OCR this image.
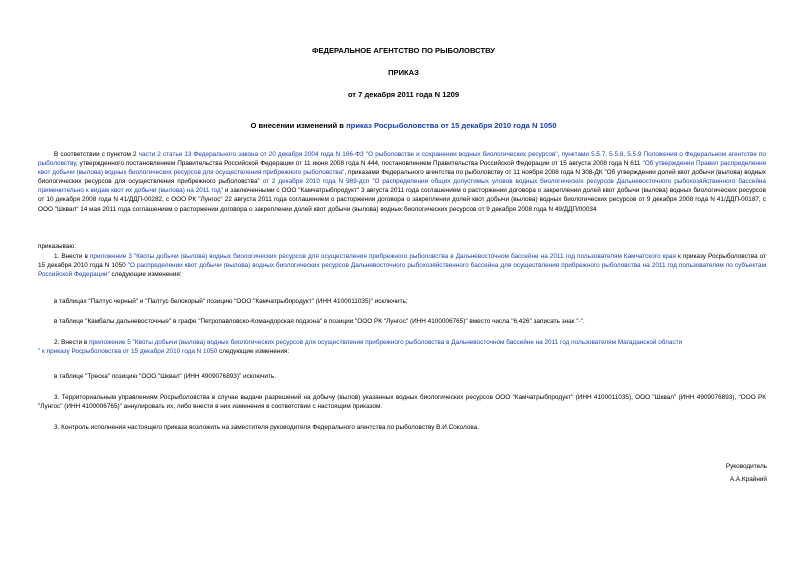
ФЕДЕРАЛЬНОЕ АГЕНТСТВО ПО РЫБОЛОВСТВУ
ПРИКАЗ
от 7 декабря 2011 года N 1209
О внесении изменений в приказ Росрыболовства от 15 декабря 2010 года N 1050

В соответствии с пунктом 2 части 2 статьи 13 Федерального закона от 20 декабря 2004 года N 166-ФЗ "О рыболовстве и сохранении водных биологических ресурсов", пунктами 5.5.7, 5.5.8, 5.5.9 Положения о Федеральном агентстве по рыболовству, утвержденного постановлением Правительства Российской Федерации от 11 июня 2008 года N 444, постановлением Правительства Российской Федерации от 15 августа 2008 года N 611 "Об утверждении Правил распределения квот добычи (вылова) водных биологических ресурсов для осуществления прибрежного рыболовства", приказами Федерального агентства по рыболовству от 11 ноября 2008 года N 308-ДК "Об утверждении долей квот добычи (вылова) водных биологических ресурсов для осуществления прибрежного рыболовства" от 2 декабря 2010 года N 989-дсп "О распределении общих допустимых уловов водных биологических ресурсов Дальневосточного рыбохозяйственного бассейна применительно к видам квот их добычи (вылова) на 2011 год" и заключенными с ООО "Камчатрыбпродукт" 3 августа 2011 года соглашением о расторжении договора о закреплении долей квот добычи (вылова) водных биологических ресурсов от 10 декабря 2008 года N 41/ДДП-00282, с ООО РК "Лунгос" 22 августа 2011 года соглашением о расторжении договора о закреплении долей квот добычи (вылова) водных биологических ресурсов от 9 декабря 2008 года N 41/ДДП-00187, с ООО "Шквал" 14 мая 2011 года соглашением о расторжении договора о закреплении долей квот добычи (вылова) водных биологических ресурсов от 9 декабря 2008 года N 49/ДДП/00034

приказываю:

1. Внести в приложение 3 "Квоты добычи (вылова) водных биологических ресурсов для осуществления прибрежного рыболовства в Дальневосточном бассейне на 2011 год пользователям Камчатского края к приказу Росрыболовства от 15 декабря 2010 года N 1050 "О распределении квот добычи (вылова) водных биологических ресурсов Дальневосточного рыбохозяйственного бассейна для осуществления прибрежного рыболовства на 2011 год пользователям по субъектам Российской Федерации" следующие изменения:

в таблицах "Палтус черный" и "Палтус белокорый" позицию "ООО "Камчатрыбпродукт" (ИНН 4100011035)" исключить;

в таблице "Камбалы дальневосточные" в графе "Петропавловско-Командорская подзона" в позиции "ООО РК "Лунгос" (ИНН 4100006765)" вместо числа "6,426" записать знак "-".

2. Внести в приложение 5 "Квоты добычи (вылова) водных биологических ресурсов для осуществления прибрежного рыболовства в Дальневосточном бассейне на 2011 год пользователям Магаданской области
" к приказу Росрыболовства от 15 декабря 2010 года N 1050 следующие изменения:

в таблице "Треска" позицию "ООО "Шквал" (ИНН 4909076893)" исключить.

3. Территориальным управлениям Росрыболовства в случае выдачи разрешений на добычу (вылов) указанных водных биологических ресурсов ООО "Камчатрыбпродукт" (ИНН 4100011035), ООО "Шквал" (ИНН 4909076893), "ООО РК "Лунгос" (ИНН 4100006765)" аннулировать их, либо внести в них изменения в соответствии с настоящим приказом.

3. Контроль исполнения настоящего приказа возложить на заместителя руководителя Федерального агентства по рыболовству В.И.Соколова.

Руководитель
А.А.Крайний
